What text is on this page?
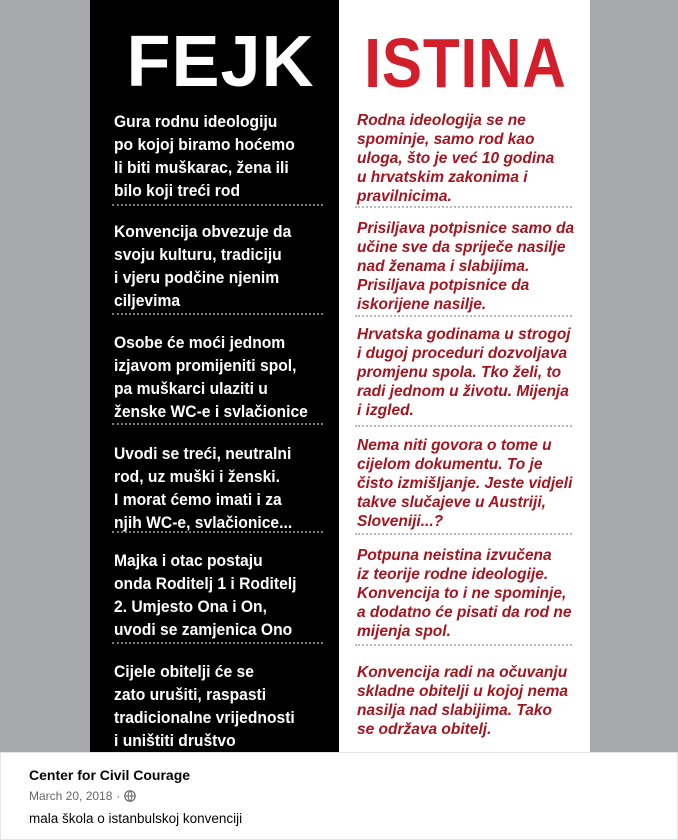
FEJK
Gura rodnu ideologiju
po kojoj biramo hoćemo
li biti muškarac, žena ili
bilo koji treći rod
Konvencija obvezuje da
svoju kulturu, tradiciju
i vjeru podčine njenim
ciljevima
Osobe će moći jednom
izjavom promijeniti spol,
pa muškarci ulaziti u
ženske WC-e i svlačionice
Uvodi se treći, neutralni
rod, uz muški i ženski.
I morat ćemo imati i za
njih WC-e, svlačionice...
Majka i otac postaju
onda Roditelj 1 i Roditelj
2. Umjesto Ona i On,
uvodi se zamjenica Ono
Cijele obitelji će se
zato urušiti, raspasti
tradicionalne vrijednosti
i uništiti društvo
ISTINA
Rodna ideologija se ne
spominje, samo rod kao
uloga, što je već 10 godina
u hrvatskim zakonima i
pravilnicima.
Prisiljava potpisnice samo da
učine sve da spriječe nasilje
nad ženama i slabijima.
Prisiljava potpisnice da
iskorijene nasilje.
Hrvatska godinama u strogoj
i dugoj proceduri dozvoljava
promjenu spola. Tko želi, to
radi jednom u životu. Mijenja
i izgled.
Nema niti govora o tome u
cijelom dokumentu. To je
čisto izmišljanje. Jeste vidjeli
takve slučajeve u Austriji,
Sloveniji...?
Potpuna neistina izvučena
iz teorije rodne ideologije.
Konvencija to i ne spominje,
a dodatno će pisati da rod ne
mijenja spol.
Konvencija radi na očuvanju
skladne obitelji u kojoj nema
nasilja nad slabijima. Tako
se održava obitelj.
Center for Civil Courage
March 20, 2018 ·
mala škola o istanbulskoj konvenciji
